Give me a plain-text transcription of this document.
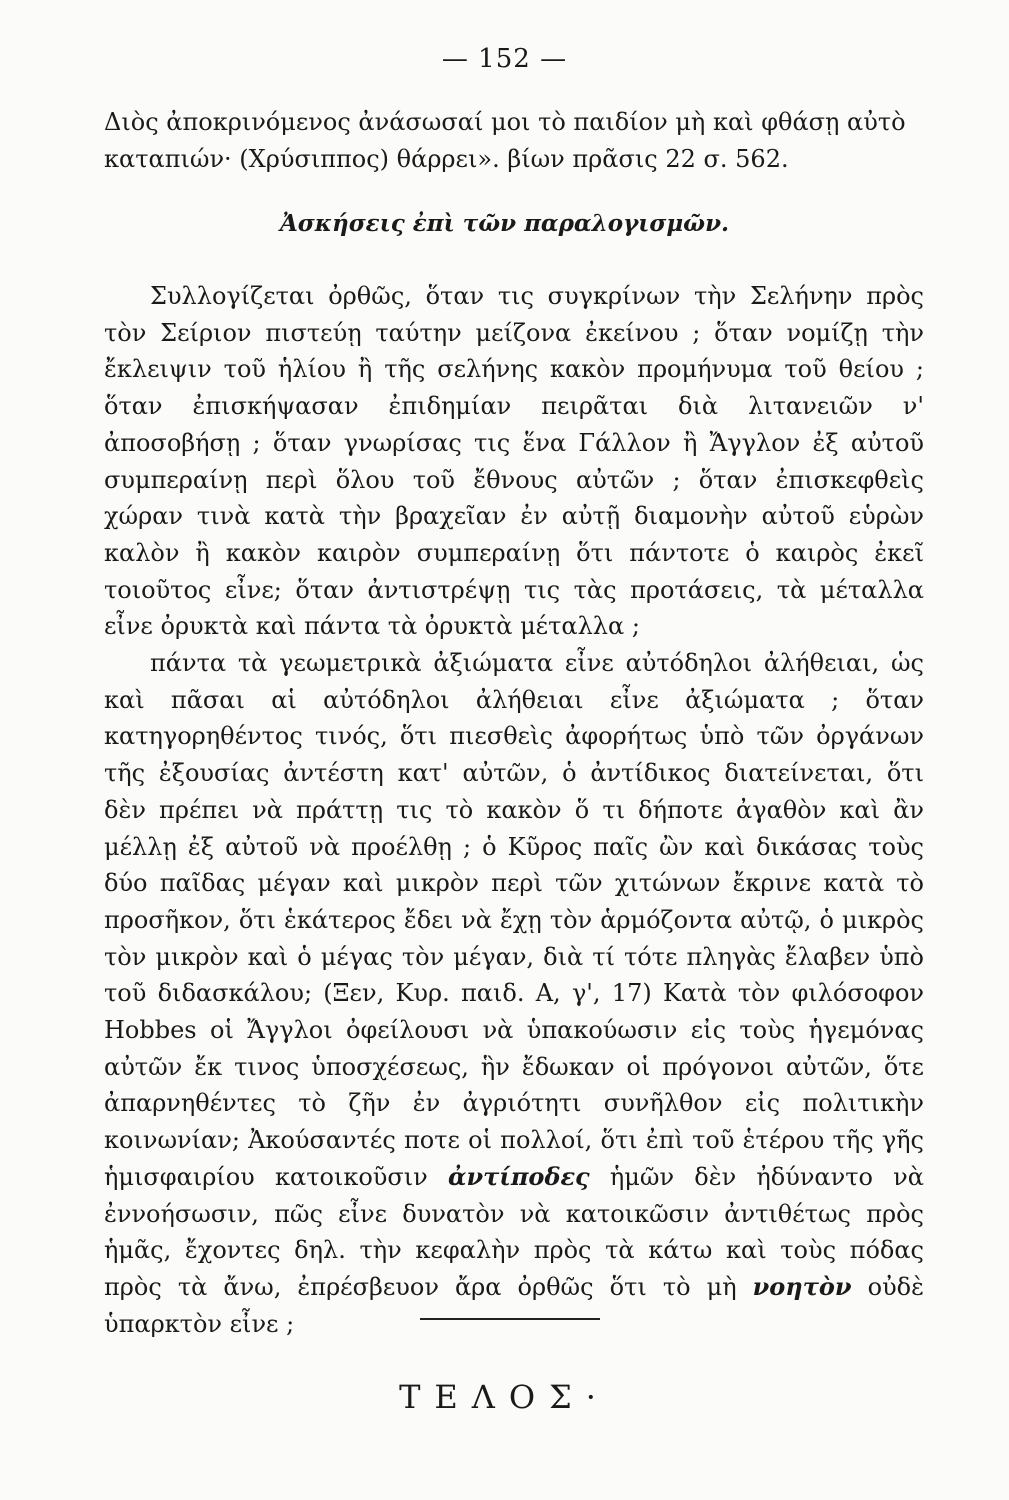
— 152 —
Διὸς ἀποκρινόμενος ἀνάσωσαί μοι τὸ παιδίον μὴ καὶ φθάσῃ αὐτὸ καταπιών· (Χρύσιππος) θάρρει». βίων πρᾶσις 22 σ. 562.
Ἀσκήσεις ἐπὶ τῶν παραλογισμῶν.

Συλλογίζεται ὀρθῶς, ὅταν τις συγκρίνων τὴν Σελήνην πρὸς τὸν Σείριον πιστεύῃ ταύτην μείζονα ἐκείνου ; ὅταν νομίζῃ τὴν ἔκλειψιν τοῦ ἡλίου ἢ τῆς σελήνης κακὸν προμήνυμα τοῦ θείου ; ὅταν ἐπισκήψασαν ἐπιδημίαν πειρᾶται διὰ λιτανειῶν ν' ἀποσοβήσῃ ; ὅταν γνωρίσας τις ἕνα Γάλλον ἢ Ἄγγλον ἐξ αὐτοῦ συμπεραίνῃ περὶ ὅλου τοῦ ἔθνους αὐτῶν ; ὅταν ἐπισκεφθεὶς χώραν τινὰ κατὰ τὴν βραχεῖαν ἐν αὐτῇ διαμονὴν αὐτοῦ εὑρὼν καλὸν ἢ κακὸν καιρὸν συμπεραίνῃ ὅτι πάντοτε ὁ καιρὸς ἐκεῖ τοιοῦτος εἶνε; ὅταν ἀντιστρέψῃ τις τὰς προτάσεις, τὰ μέταλλα εἶνε ὀρυκτὰ καὶ πάντα τὰ ὀρυκτὰ μέταλλα ;

πάντα τὰ γεωμετρικὰ ἀξιώματα εἶνε αὐτόδηλοι ἀλήθειαι, ὡς καὶ πᾶσαι αἱ αὐτόδηλοι ἀλήθειαι εἶνε ἀξιώματα ; ὅταν κατηγορηθέντος τινός, ὅτι πιεσθεὶς ἀφορήτως ὑπὸ τῶν ὀργάνων τῆς ἐξουσίας ἀντέστη κατ' αὐτῶν, ὁ ἀντίδικος διατείνεται, ὅτι δὲν πρέπει νὰ πράττῃ τις τὸ κακὸν ὅ τι δήποτε ἀγαθὸν καὶ ἂν μέλλῃ ἐξ αὐτοῦ νὰ προέλθῃ ; ὁ Κῦρος παῖς ὢν καὶ δικάσας τοὺς δύο παῖδας μέγαν καὶ μικρὸν περὶ τῶν χιτώνων ἔκρινε κατὰ τὸ προσῆκον, ὅτι ἑκάτερος ἔδει νὰ ἔχῃ τὸν ἁρμόζοντα αὐτῷ, ὁ μικρὸς τὸν μικρὸν καὶ ὁ μέγας τὸν μέγαν, διὰ τί τότε πληγὰς ἔλαβεν ὑπὸ τοῦ διδασκάλου; (Ξεν, Κυρ. παιδ. Α, γ', 17) Κατὰ τὸν φιλόσοφον Hobbes οἱ Ἄγγλοι ὀφείλουσι νὰ ὑπακούωσιν εἰς τοὺς ἡγεμόνας αὐτῶν ἔκ τινος ὑποσχέσεως, ἣν ἔδωκαν οἱ πρόγονοι αὐτῶν, ὅτε ἀπαρνηθέντες τὸ ζῆν ἐν ἀγριότητι συνῆλθον εἰς πολιτικὴν κοινωνίαν; Ἀκούσαντές ποτε οἱ πολλοί, ὅτι ἐπὶ τοῦ ἑτέρου τῆς γῆς ἡμισφαιρίου κατοικοῦσιν ἀντίποδες ἡμῶν δὲν ἠδύναντο νὰ ἐννοήσωσιν, πῶς εἶνε δυνατὸν νὰ κατοικῶσιν ἀντιθέτως πρὸς ἡμᾶς, ἔχοντες δηλ. τὴν κεφαλὴν πρὸς τὰ κάτω καὶ τοὺς πόδας πρὸς τὰ ἄνω, ἐπρέσβευον ἄρα ὀρθῶς ὅτι τὸ μὴ νοητὸν οὐδὲ ὑπαρκτὸν εἶνε ;

ΤΕΛΟΣ·
